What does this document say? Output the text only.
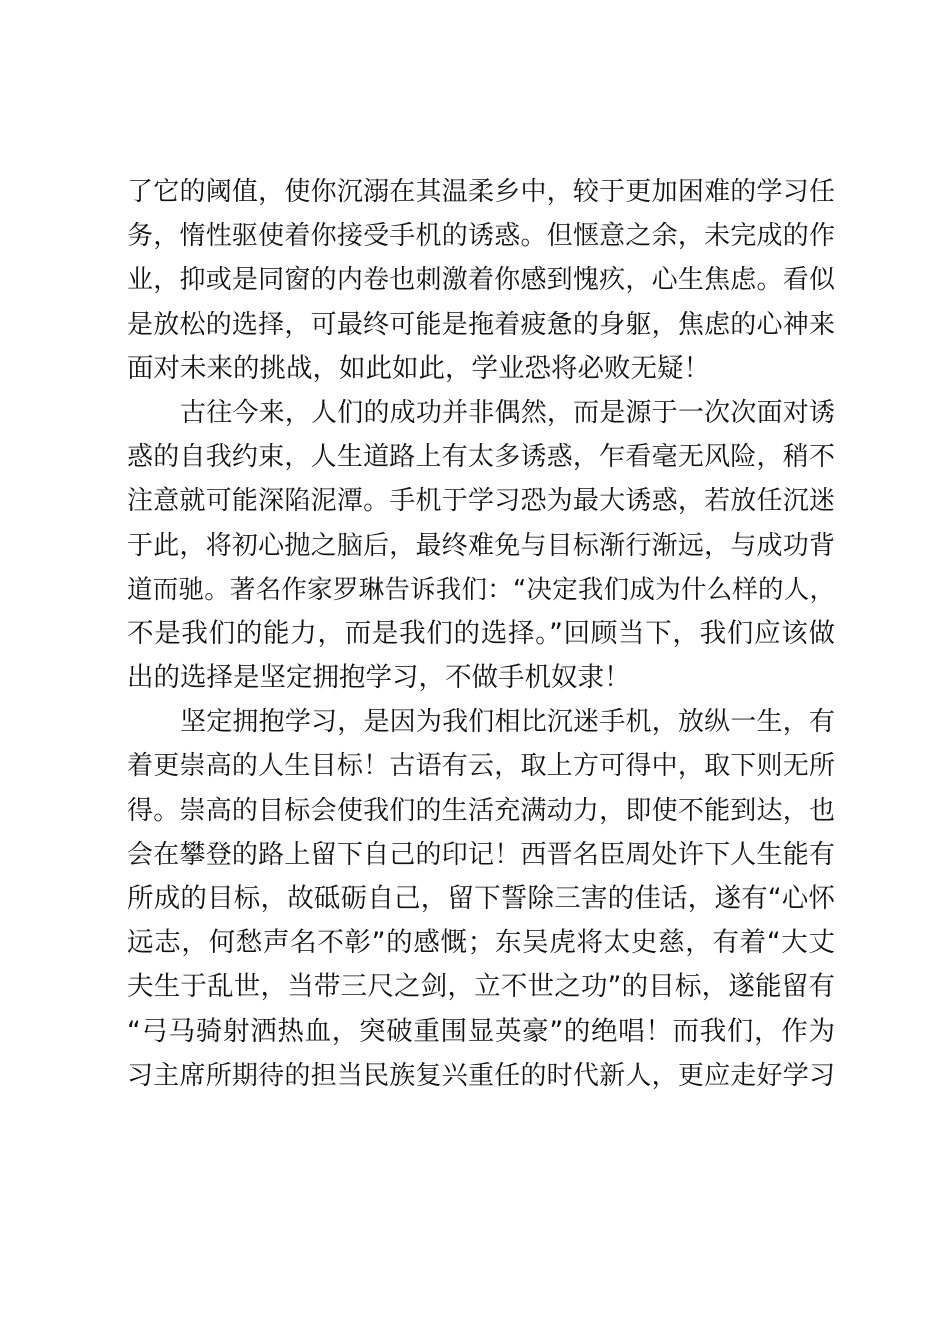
了它的阈值，使你沉溺在其温柔乡中，较于更加困难的学习任
务，惰性驱使着你接受手机的诱惑。但惬意之余，未完成的作
业，抑或是同窗的内卷也刺激着你感到愧疚，心生焦虑。看似
是放松的选择，可最终可能是拖着疲惫的身躯，焦虑的心神来
面对未来的挑战，如此如此，学业恐将必败无疑！
古往今来，人们的成功并非偶然，而是源于一次次面对诱
惑的自我约束，人生道路上有太多诱惑，乍看毫无风险，稍不
注意就可能深陷泥潭。手机于学习恐为最大诱惑，若放任沉迷
于此，将初心抛之脑后，最终难免与目标渐行渐远，与成功背
道而驰。著名作家罗琳告诉我们：“决定我们成为什么样的人，
不是我们的能力，而是我们的选择。”回顾当下，我们应该做
出的选择是坚定拥抱学习，不做手机奴隶！
坚定拥抱学习，是因为我们相比沉迷手机，放纵一生，有
着更崇高的人生目标！古语有云，取上方可得中，取下则无所
得。崇高的目标会使我们的生活充满动力，即使不能到达，也
会在攀登的路上留下自己的印记！西晋名臣周处许下人生能有
所成的目标，故砥砺自己，留下誓除三害的佳话，遂有“心怀
远志，何愁声名不彰”的感慨；东吴虎将太史慈，有着“大丈
夫生于乱世，当带三尺之剑，立不世之功”的目标，遂能留有
“弓马骑射洒热血，突破重围显英豪”的绝唱！而我们，作为
习主席所期待的担当民族复兴重任的时代新人，更应走好学习
